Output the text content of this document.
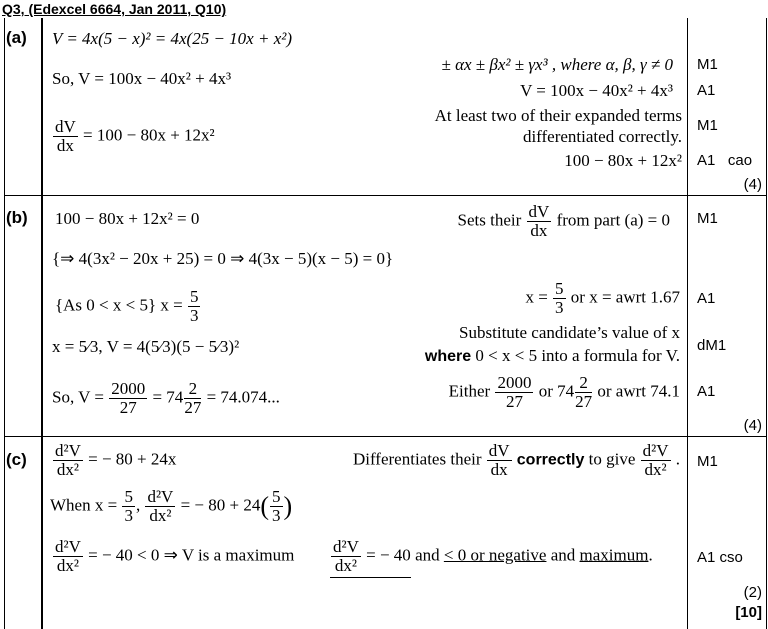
Q3, (Edexcel 6664, Jan 2011, Q10)
(a) V = 4x(5 − x)² = 4x(25 − 10x + x²)
So, V = 100x − 40x² + 4x³
$\frac{dV}{dx} = 100 - 80x + 12x^2$
± αx ± βx² ± γx³ , where α, β, γ ≠ 0
V = 100x − 40x² + 4x³
At least two of their expanded terms
differentiated correctly.
100 − 80x + 12x²
M1
A1
M1
A1   cao
(4)
(b) 100 − 80x + 12x² = 0
{⇒ 4(3x² − 20x + 25) = 0 ⇒ 4(3x − 5)(x − 5) = 0}
{As 0 < x < 5} $x = \frac{5}{3}$
x = 5⁄3, V = 4(5⁄3)(5 − 5⁄3)²
So, $V = \frac{2000}{27} = 74 \frac{2}{27} = 74.074$...
Sets their $\frac{dV}{dx}$ from part (a) = 0
$x = \frac{5}{3}$ or x = awrt 1.67
Substitute candidate’s value of x
where 0 < x < 5 into a formula for V.
Either $\frac{2000}{27}$ or $74 \frac{2}{27}$ or awrt 74.1
M1
A1
dM1
A1
(4)
$(c) \frac{\text{d²V}}{\text{dx²}}$ = − 80 + 24x
When $x = \frac{5}{3}$ , $\frac{\text{d²V}}{\text{dx²}}$ = − $80 + 24( \frac{5}{3}$ )
$\frac{\text{d²V}}{\text{dx²}}$ = − 40 < 0 ⇒ V is a maximum
Differentiates their $\frac{dV}{dx}$ correctly to give $\frac{\text{d²V}}{\text{dx²}}$ .
$\frac{\text{d²V}}{\text{dx²}}$ = − 40 and < 0 or negative and maximum.
M1
A1 cso
(2)
[10]
